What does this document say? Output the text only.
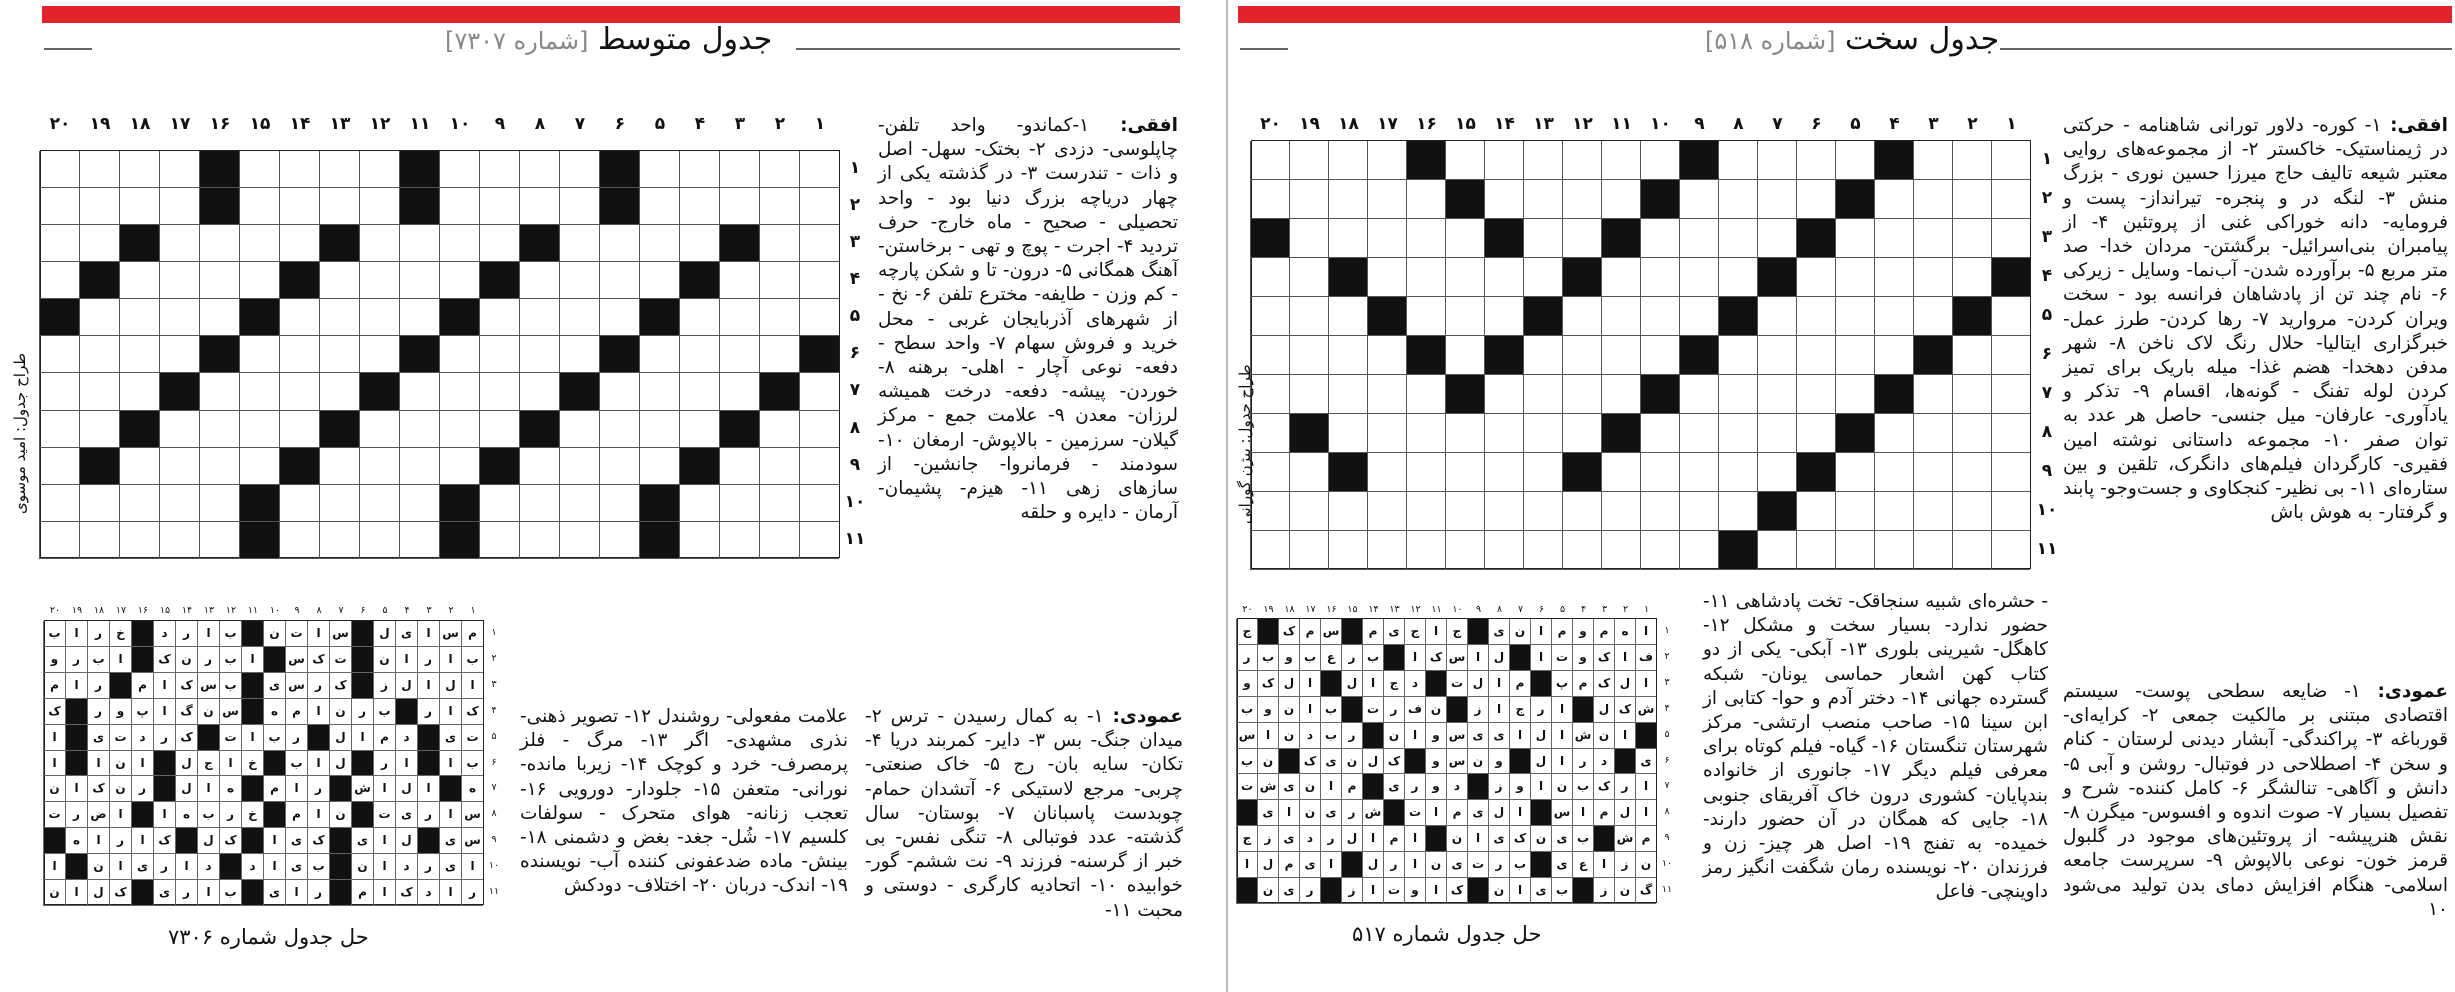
جدول سخت [شماره ۵۱۸]
۱
۲
۳
۴
۵
۶
۷
۸
۹
۱۰
۱۱
۱۲
۱۳
۱۴
۱۵
۱۶
۱۷
۱۸
۱۹
۲۰
۱
۲
۳
۴
۵
۶
۷
۸
۹
۱۰
۱۱
طراح جدول: بیژن گورانی

افقی: ۱- کوره- دلاور تورانی شاهنامه - حرکتی در ژیمناستیک- خاکستر ۲- از مجموعه‌های روایی معتبر شیعه تالیف حاج میرزا حسین نوری - بزرگ منش ۳- لنگه در و پنجره- تیرانداز- پست و فرومایه- دانه خوراکی غنی از پروتئین ۴- از پیامبران بنی‌اسرائیل- برگشتن- مردان خدا- صد متر مربع ۵- برآورده شدن- آب‌نما- وسایل - زیرکی ۶- نام چند تن از پادشاهان فرانسه بود - سخت ویران کردن- مروارید ۷- رها کردن- طرز عمل- خبرگزاری ایتالیا- حلال رنگ لاک ناخن ۸- شهر مدفن دهخدا- هضم غذا- میله باریک برای تمیز کردن لوله تفنگ - گونه‌ها، اقسام ۹- تذکر و یادآوری- عارفان- میل جنسی- حاصل هر عدد به توان صفر ۱۰- مجموعه داستانی نوشته امین فقیری- کارگردان فیلم‌های دانگرک، تلقین و بین ستاره‌ای ۱۱- بی نظیر- کنجکاوی و جست‌وجو- پابند و گرفتار- به هوش باش

عمودی: ۱- ضایعه سطحی پوست- سیستم اقتصادی مبتنی بر مالکیت جمعی ۲- کرایه‌ای- قورباغه ۳- پراکندگی- آبشار دیدنی لرستان - کنام و سخن ۴- اصطلاحی در فوتبال- روشن و آبی ۵- دانش و آگاهی- تنالشگر ۶- کامل کننده- شرح و تفصیل بسیار ۷- صوت اندوه و افسوس- میگرن ۸- نقش هنرپیشه- از پروتئین‌های موجود در گلبول قرمز خون- نوعی بالاپوش ۹- سرپرست جامعه اسلامی- هنگام افزایش دمای بدن تولید می‌شود ۱۰

- حشره‌ای شبیه سنجاقک- تخت پادشاهی ۱۱- حضور ندارد- بسیار سخت و مشکل ۱۲- کاهگل- شیرینی بلوری ۱۳- آبکی- یکی از دو کتاب کهن اشعار حماسی یونان- شبکه گسترده جهانی ۱۴- دختر آدم و حوا- کتابی از ابن سینا ۱۵- صاحب منصب ارتشی- مرکز شهرستان تنگستان ۱۶- گیاه- فیلم کوتاه برای معرفی فیلم دیگر ۱۷- جانوری از خانواده بندپایان- کشوری درون خاک آفریقای جنوبی ۱۸- جایی که همگان در آن حضور دارند- خمیده- به تفنج ۱۹- اصل هر چیز- زن و فرزندان ۲۰- نویسنده رمان شگفت انگیز رمز داوینچی- فاعل

۱
۲
۳
۴
۵
۶
۷
۸
۹
۱۰
۱۱
۱۲
۱۳
۱۴
۱۵
۱۶
۱۷
۱۸
۱۹
۲۰
۱
۲
۳
۴
۵
۶
۷
۸
۹
۱۰
۱۱
ا
ه
م
و
م
ا
ن
ی
ج
ا
ج
ی
م
س
م
ک
ج
ف
ا
ک
و
ت
ا
ل
ا
س
ک
ا
ب
ر
ع
ب
و
ب
ر
ا
ل
ک
م
پ
م
ا
ل
ت
د
ج
ا
ل
ا
ل
ک
و
ش
ک
ل
ا
ر
ج
ا
ز
ن
ف
ر
ت
ب
ا
ن
و
ب
ا
ن
ش
ا
ل
ا
ی
ی
س
و
ا
ن
ر
ب
د
ن
ا
س
ی
د
ر
ا
ل
و
ن
س
و
ک
ل
ن
ی
ک
ن
ب
ا
ر
ک
ب
ن
ا
و
ز
د
و
ر
ی
م
ا
ن
ی
ش
ت
ا
ل
م
ا
س
ا
ل
ی
م
ا
ت
ش
ر
ی
ن
ا
ی
م
ش
ب
ی
ن
ک
ی
ا
ن
ا
م
ا
ل
ر
د
ی
ز
ج
ن
ز
ا
ع
ی
ب
ر
ت
ی
ن
ا
ر
ل
ا
ی
م
ل
ا
گ
ن
ز
ب
ی
ا
ن
ک
ا
و
ت
ا
ز
ر
ی
ن
حل جدول شماره ۵۱۷
جدول متوسط [شماره ۷۳۰۷]
۱
۲
۳
۴
۵
۶
۷
۸
۹
۱۰
۱۱
۱۲
۱۳
۱۴
۱۵
۱۶
۱۷
۱۸
۱۹
۲۰
۱
۲
۳
۴
۵
۶
۷
۸
۹
۱۰
۱۱
طراح جدول: امید موسوی

افقی: ۱-کماندو- واحد تلفن- چاپلوسی- دزدی ۲- بختک- سهل- اصل و ذات - تندرست ۳- در گذشته یکی از چهار دریاچه بزرگ دنیا بود - واحد تحصیلی - صحیح - ماه خارج- حرف تردید ۴- اجرت - پوچ و تهی - برخاستن- آهنگ همگانی ۵- درون- تا و شکن پارچه - کم وزن - طایفه- مخترع تلفن ۶- نخ - از شهرهای آذربایجان غربی - محل خرید و فروش سهام ۷- واحد سطح - دفعه- نوعی آچار - اهلی- برهنه ۸- خوردن- پیشه- دفعه- درخت همیشه لرزان- معدن ۹- علامت جمع - مرکز گیلان- سرزمین - بالاپوش- ارمغان ۱۰- سودمند - فرمانروا- جانشین- از سازهای زهی ۱۱- هیزم- پشیمان- آرمان - دایره و حلقه

عمودی: ۱- به کمال رسیدن - ترس ۲- میدان جنگ- بس ۳- دایر- کمربند دریا ۴- تکان- سایه بان- رج ۵- خاک صنعتی- چربی- مرجع لاستیکی ۶- آتشدان حمام- چوبدست پاسبانان ۷- بوستان- سال گذشته- عدد فوتبالی ۸- تنگی نفس- بی خبر از گرسنه- فرزند ۹- نت ششم- گور- خوابیده ۱۰- اتحادیه کارگری - دوستی و محبت ۱۱-

علامت مفعولی- روشندل ۱۲- تصویر ذهنی- نذری مشهدی- اگر ۱۳- مرگ - فلز پرمصرف- خرد و کوچک ۱۴- زیربا مانده- نورانی- متعفن ۱۵- جلودار- دورویی ۱۶- تعجب زنانه- هوای متحرک - سولفات کلسیم ۱۷- شُل- جغد- بغض و دشمنی ۱۸- بینش- ماده ضدعفونی کننده آب- نویسنده ۱۹- اندک- دربان ۲۰- اختلاف- دودکش

۱
۲
۳
۴
۵
۶
۷
۸
۹
۱۰
۱۱
۱۲
۱۳
۱۴
۱۵
۱۶
۱۷
۱۸
۱۹
۲۰
۱
۲
۳
۴
۵
۶
۷
۸
۹
۱۰
۱۱
م
س
ا
ی
ل
س
ا
ت
ن
ب
ا
ر
د
خ
ر
ا
ب
ب
ا
ر
ا
ن
ت
ک
س
ا
ب
ر
ن
ک
ا
ب
ر
و
ا
ل
ا
ل
ز
ک
ر
س
ی
ب
س
ک
ا
م
ر
ا
م
ک
ا
ر
ب
ر
ن
ا
م
ه
س
ن
گ
ا
پ
و
ر
ک
ت
ی
د
م
ا
ل
ر
ب
ا
ت
ک
ر
د
ت
ی
ا
ب
ا
ا
ر
ل
ا
ب
خ
ا
ج
ل
ا
ن
ا
ا
ه
ا
ل
ا
ش
ر
ا
م
ه
ا
ل
ر
ن
ک
ا
ن
س
ا
ر
ی
ت
ن
ا
م
خ
ر
ب
ه
ا
ا
ض
ر
ت
س
ی
ل
ا
ی
ک
ی
ا
ک
ل
ک
ا
ر
ا
ه
ا
ی
ر
د
ا
ن
ب
ی
ا
د
د
ا
ر
ی
ا
ن
ا
ر
ا
د
ک
ا
م
ر
ا
ی
ب
ا
ر
ی
ک
ل
ا
ن
حل جدول شماره ۷۳۰۶
